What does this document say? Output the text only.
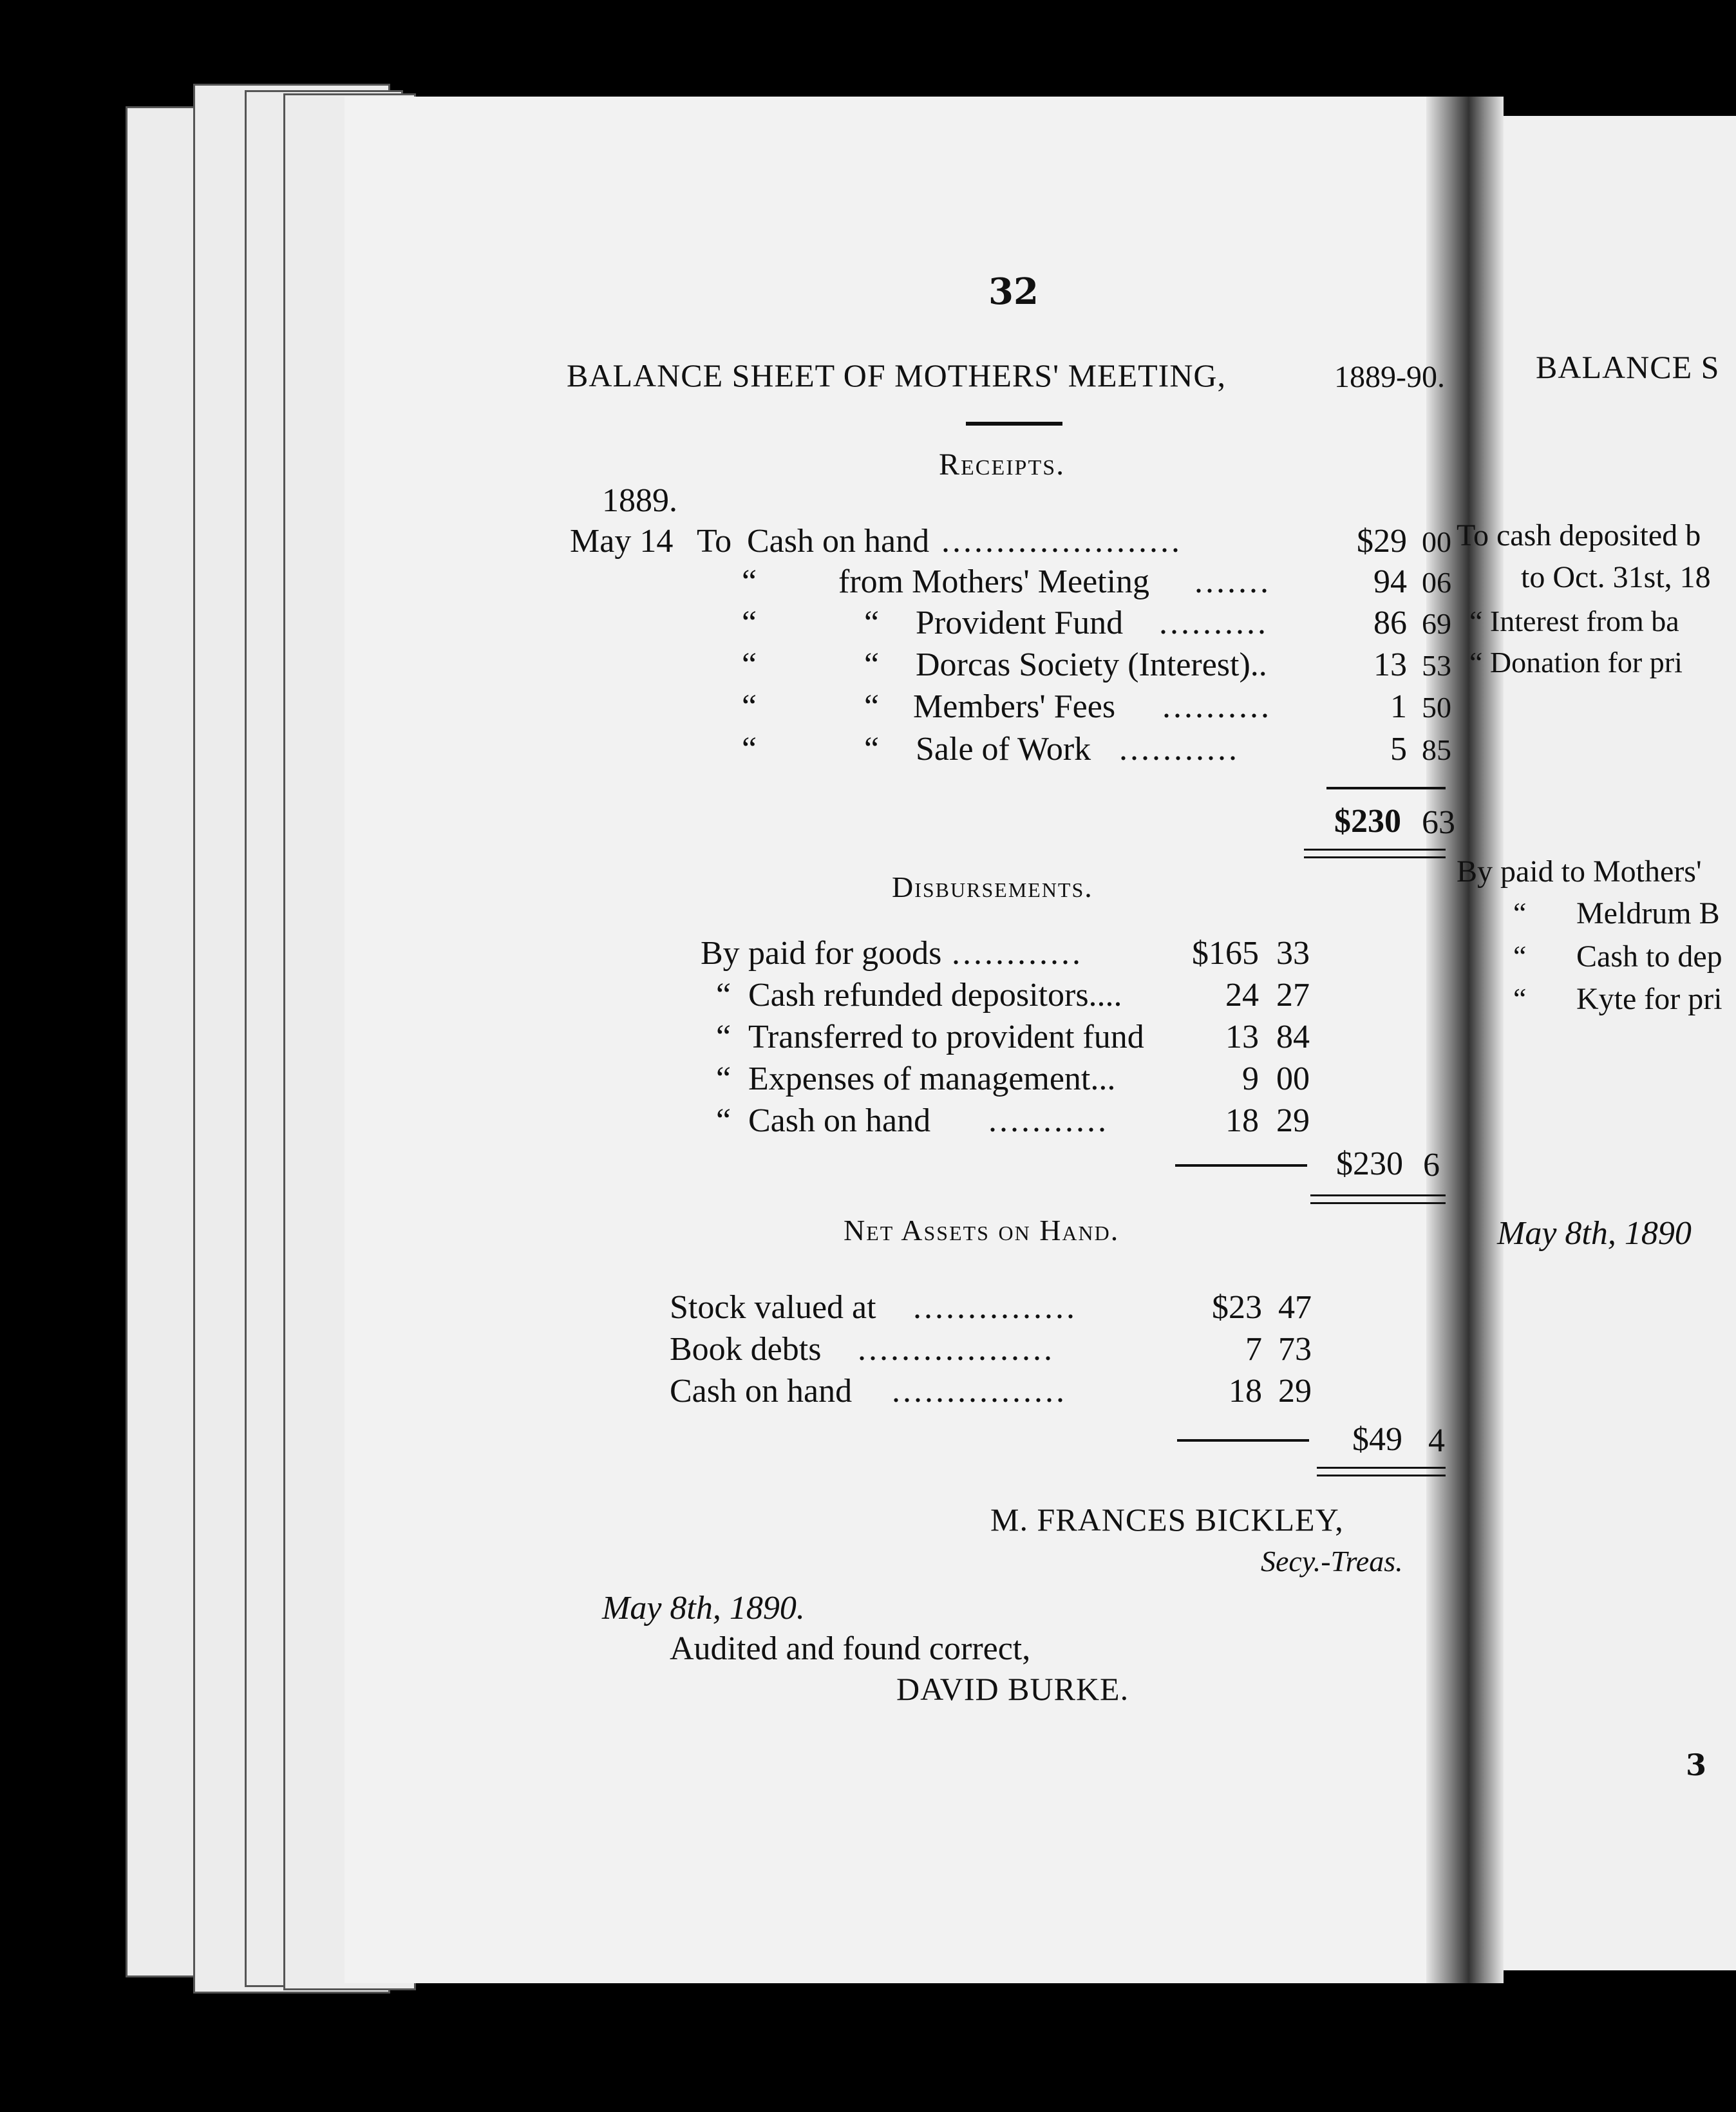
32
BALANCE SHEET OF MOTHERS' MEETING,	1889-90.
Receipts.
1889.
May 14 To Cash on hand ......................	$29 00
“ from Mothers' Meeting .......	94 06
“	“ Provident Fund ..........	86 69
“	“ Dorcas Society (Interest)..	13 53
“	“ Members' Fees ..........	1 50
“	“ Sale of Work ...........	5 85
$230 63
Disbursements.
By paid for goods ............	$165 33
“ Cash refunded depositors....	24 27
“ Transferred to provident fund 13 84
“ Expenses of management...	9 00
“ Cash on hand ...........	18 29
$230 6
Net Assets on Hand.
Stock valued at ...............	$23 47
Book debts ..................	7 73
Cash on hand ................	18 29
$49 4
M. FRANCES BICKLEY,
Secy.-Treas.
May 8th, 1890.
Audited and found correct,
DAVID BURKE.
BALANCE S
To cash deposited b
to Oct. 31st, 18
“ Interest from ba
“ Donation for pri
By paid to Mothers'
“ Meldrum B
“ Cash to dep
“ Kyte for pri
May 8th, 1890
3
